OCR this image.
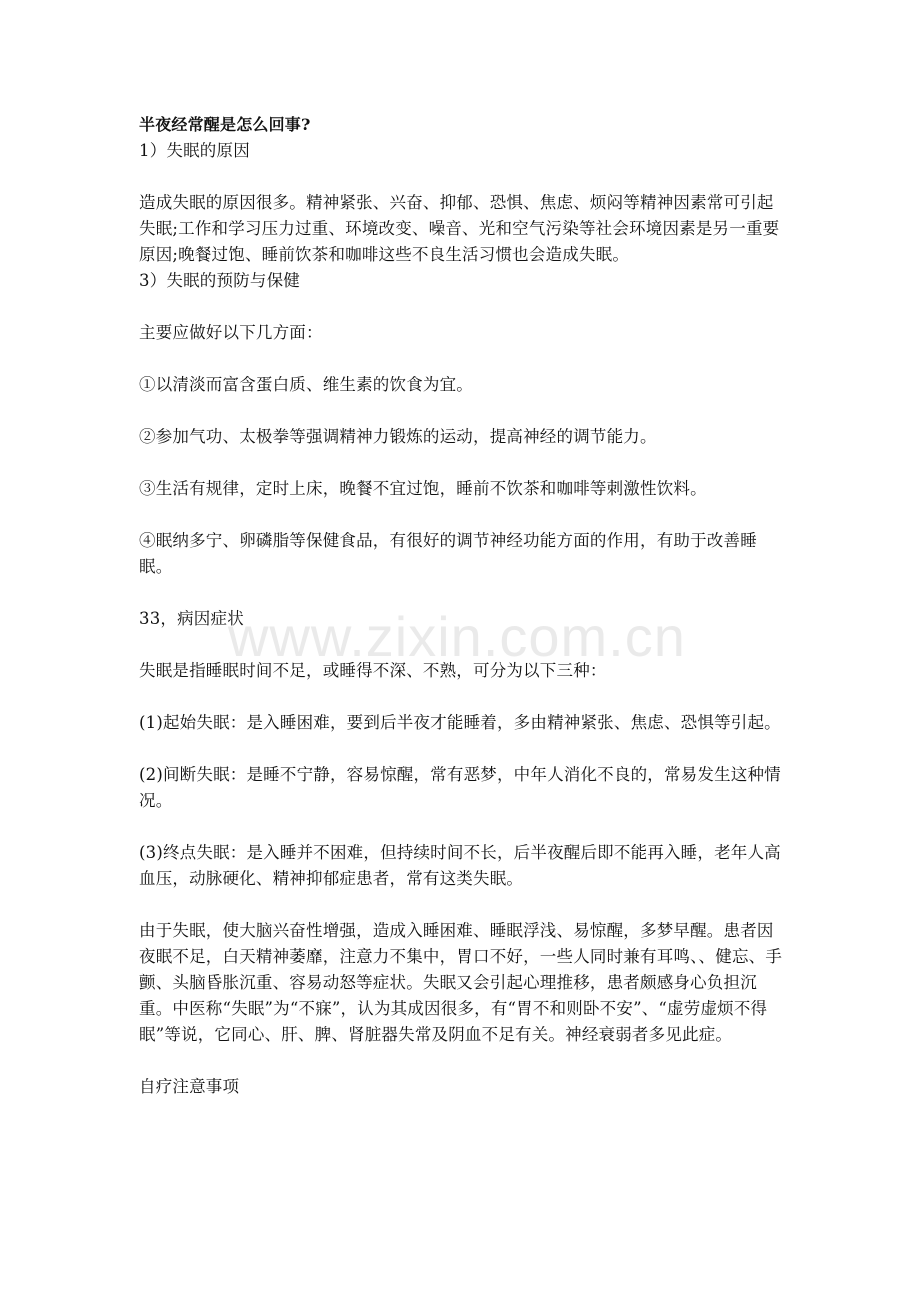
半夜经常醒是怎么回事?

1）失眠的原因

造成失眠的原因很多。精神紧张、兴奋、抑郁、恐惧、焦虑、烦闷等精神因素常可引起失眠;工作和学习压力过重、环境改变、噪音、光和空气污染等社会环境因素是另一重要原因;晚餐过饱、睡前饮茶和咖啡这些不良生活习惯也会造成失眠。

3）失眠的预防与保健

主要应做好以下几方面：

①以清淡而富含蛋白质、维生素的饮食为宜。

②参加气功、太极拳等强调精神力锻炼的运动，提高神经的调节能力。

③生活有规律，定时上床，晚餐不宜过饱，睡前不饮茶和咖啡等刺激性饮料。

④眠纳多宁、卵磷脂等保健食品，有很好的调节神经功能方面的作用，有助于改善睡眠。

33，病因症状

失眠是指睡眠时间不足，或睡得不深、不熟，可分为以下三种：

(1)起始失眠：是入睡困难，要到后半夜才能睡着，多由精神紧张、焦虑、恐惧等引起。

(2)间断失眠：是睡不宁静，容易惊醒，常有恶梦，中年人消化不良的，常易发生这种情况。

(3)终点失眠：是入睡并不困难，但持续时间不长，后半夜醒后即不能再入睡，老年人高血压，动脉硬化、精神抑郁症患者，常有这类失眠。

由于失眠，使大脑兴奋性增强，造成入睡困难、睡眠浮浅、易惊醒，多梦早醒。患者因夜眠不足，白天精神萎靡，注意力不集中，胃口不好，一些人同时兼有耳鸣、、健忘、手颤、头脑昏胀沉重、容易动怒等症状。失眠又会引起心理推移，患者颇感身心负担沉重。中医称“失眠”为“不寐”，认为其成因很多，有“胃不和则卧不安”、“虚劳虚烦不得眠”等说，它同心、肝、脾、肾脏器失常及阴血不足有关。神经衰弱者多见此症。

自疗注意事项

www.zixin.com.cn
